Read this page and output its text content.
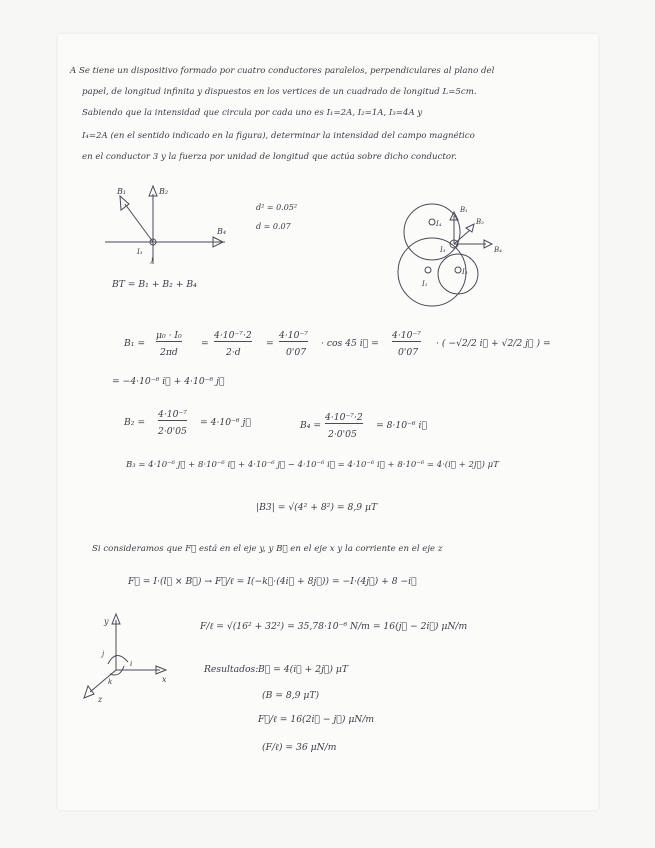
A Se tiene un dispositivo formado por cuatro conductores paralelos, perpendiculares al plano del
papel, de longitud infinita y dispuestos en los vertices de un cuadrado de longitud L=5cm.
Sabiendo que la intensidad que circula por cada uno es I₁=2A, I₂=1A, I₃=4A y
I₄=2A (en el sentido indicado en la figura), determinar la intensidad del campo magnético
en el conductor 3 y la fuerza por unidad de longitud que actúa sobre dicho conductor.
B₁	B₂
B₄
I₃
j
d² = 0.05²
d = 0.07	I₄
I₁
I₂
I₃
B₁
B₂
B₄
BT = B₁ + B₂ + B₄
B₁ =
μ₀ · I₀
2πd
=
4·10⁻⁷·2
2·d
=
4·10⁻⁷
0'07
· cos 45 i⃗ =
4·10⁻⁷
0'07
· ( −√2/2 i⃗ + √2/2 j⃗ ) =
= −4·10⁻⁶ i⃗ + 4·10⁻⁶ j⃗
B₂ =
4·10⁻⁷
2·0'05
= 4·10⁻⁶ j⃗	B₄ =
4·10⁻⁷·2
2·0'05
= 8·10⁻⁶ i⃗
B₃ = 4·10⁻⁶ j⃗ + 8·10⁻⁶ i⃗ + 4·10⁻⁶ j⃗ − 4·10⁻⁶ i⃗ = 4·10⁻⁶ i⃗ + 8·10⁻⁶ = 4·(i⃗ + 2j⃗) μT
|B3| = √(4² + 8²) = 8,9 μT
Si consideramos que F⃗ está en el eje y, y B⃗ en el eje x y la corriente en el eje z
F⃗ = I·(l⃗ × B⃗) → F⃗/ℓ = I(−k⃗·(4i⃗ + 8j⃗)) = −I·(4j⃗) + 8 −i⃗
F/ℓ = √(16² + 32²) = 35,78·10⁻⁶ N/m = 16(j⃗ − 2i⃗) μN/m
y
x
z
j
i
k
Resultados: B⃗ = 4(i⃗ + 2j⃗) μT
(B = 8,9 μT)
F⃗/ℓ = 16(2i⃗ − j⃗) μN/m
(F/ℓ) = 36 μN/m
